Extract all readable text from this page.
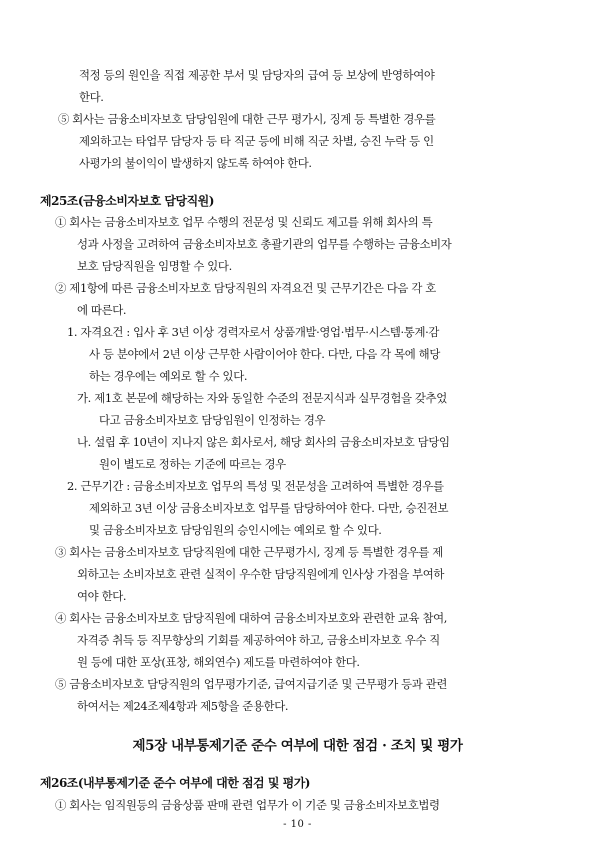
적정 등의 원인을 직접 제공한 부서 및 담당자의 급여 등 보상에 반영하여야
한다.
⑤ 회사는 금융소비자보호 담당임원에 대한 근무 평가시, 징계 등 특별한 경우를
제외하고는 타업무 담당자 등 타 직군 등에 비해 직군 차별, 승진 누락 등 인
사평가의 불이익이 발생하지 않도록 하여야 한다.
제25조(금융소비자보호 담당직원)
① 회사는 금융소비자보호 업무 수행의 전문성 및 신뢰도 제고를 위해 회사의 특
성과 사정을 고려하여 금융소비자보호 총괄기관의 업무를 수행하는 금융소비자
보호 담당직원을 임명할 수 있다.
② 제1항에 따른 금융소비자보호 담당직원의 자격요건 및 근무기간은 다음 각 호
에 따른다.
1. 자격요건 : 입사 후 3년 이상 경력자로서 상품개발·영업·법무·시스템·통계·감
사 등 분야에서 2년 이상 근무한 사람이어야 한다. 다만, 다음 각 목에 해당
하는 경우에는 예외로 할 수 있다.
가. 제1호 본문에 해당하는 자와 동일한 수준의 전문지식과 실무경험을 갖추었
다고 금융소비자보호 담당임원이 인정하는 경우
나. 설립 후 10년이 지나지 않은 회사로서, 해당 회사의 금융소비자보호 담당임
원이 별도로 정하는 기준에 따르는 경우
2. 근무기간 : 금융소비자보호 업무의 특성 및 전문성을 고려하여 특별한 경우를
제외하고 3년 이상 금융소비자보호 업무를 담당하여야 한다. 다만, 승진전보
및 금융소비자보호 담당임원의 승인시에는 예외로 할 수 있다.
③ 회사는 금융소비자보호 담당직원에 대한 근무평가시, 징계 등 특별한 경우를 제
외하고는 소비자보호 관련 실적이 우수한 담당직원에게 인사상 가점을 부여하
여야 한다.
④ 회사는 금융소비자보호 담당직원에 대하여 금융소비자보호와 관련한 교육 참여,
자격증 취득 등 직무향상의 기회를 제공하여야 하고, 금융소비자보호 우수 직
원 등에 대한 포상(표창, 해외연수) 제도를 마련하여야 한다.
⑤ 금융소비자보호 담당직원의 업무평가기준, 급여지급기준 및 근무평가 등과 관련
하여서는 제24조제4항과 제5항을 준용한다.
제5장 내부통제기준 준수 여부에 대한 점검 · 조치 및 평가
제26조(내부통제기준 준수 여부에 대한 점검 및 평가)
① 회사는 임직원등의 금융상품 판매 관련 업무가 이 기준 및 금융소비자보호법령
- 10 -
